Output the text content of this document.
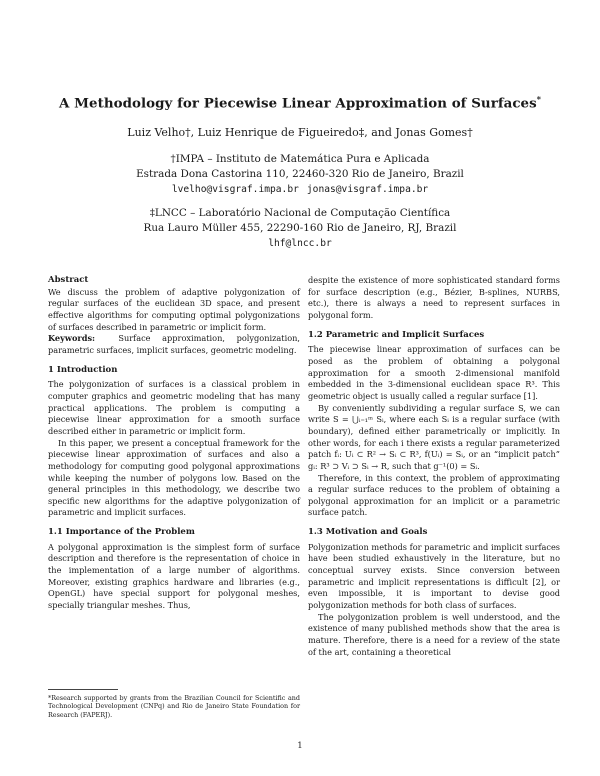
A Methodology for Piecewise Linear Approximation of Surfaces*
Luiz Velho†, Luiz Henrique de Figueiredo‡, and Jonas Gomes†
†IMPA – Instituto de Matemática Pura e Aplicada
Estrada Dona Castorina 110, 22460-320 Rio de Janeiro, Brazil
lvelho@visgraf.impa.br jonas@visgraf.impa.br
‡LNCC – Laboratório Nacional de Computação Científica
Rua Lauro Müller 455, 22290-160 Rio de Janeiro, RJ, Brazil
lhf@lncc.br
Abstract

We discuss the problem of adaptive polygonization of regular surfaces of the euclidean 3D space, and present effective algorithms for computing optimal polygonizations of surfaces described in parametric or implicit form.

Keywords:	Surface approximation, polygonization, parametric surfaces, implicit surfaces, geometric modeling.

1 Introduction

The polygonization of surfaces is a classical problem in computer graphics and geometric modeling that has many practical applications. The problem is computing a piecewise linear approximation for a smooth surface described either in parametric or implicit form.

In this paper, we present a conceptual framework for the piecewise linear approximation of surfaces and also a methodology for computing good polygonal approximations while keeping the number of polygons low. Based on the general principles in this methodology, we describe two specific new algorithms for the adaptive polygonization of parametric and implicit surfaces.

1.1 Importance of the Problem

A polygonal approximation is the simplest form of surface description and therefore is the representation of choice in the implementation of a large number of algorithms. Moreover, existing graphics hardware and libraries (e.g., OpenGL) have special support for polygonal meshes, specially triangular meshes. Thus,

*Research supported by grants from the Brazilian Council for Scientific and Technological Development (CNPq) and Rio de Janeiro State Foundation for Research (FAPERJ).

despite the existence of more sophisticated standard forms for surface description (e.g., Bézier, B-splines, NURBS, etc.), there is always a need to represent surfaces in polygonal form.

1.2 Parametric and Implicit Surfaces

The piecewise linear approximation of surfaces can be posed as the problem of obtaining a polygonal approximation for a smooth 2-dimensional manifold embedded in the 3-dimensional euclidean space R³. This geometric object is usually called a regular surface [1].

By conveniently subdividing a regular surface S, we can write S = ⋃ᵢ₌₁ᵐ Sᵢ, where each Sᵢ is a regular surface (with boundary), defined either parametrically or implicitly. In other words, for each i there exists a regular parameterized patch fᵢ: Uᵢ ⊂ R² → Sᵢ ⊂ R³, f(Uᵢ) = Sᵢ, or an “implicit patch” gᵢ: R³ ⊃ Vᵢ ⊃ Sᵢ → R, such that g⁻¹(0) = Sᵢ.

Therefore, in this context, the problem of approximating a regular surface reduces to the problem of obtaining a polygonal approximation for an implicit or a parametric surface patch.

1.3 Motivation and Goals

Polygonization methods for parametric and implicit surfaces have been studied exhaustively in the literature, but no conceptual survey exists. Since conversion between parametric and implicit representations is difficult [2], or even impossible, it is important to devise good polygonization methods for both class of surfaces.

The polygonization problem is well understood, and the existence of many published methods show that the area is mature. Therefore, there is a need for a review of the state of the art, containing a theoretical

1
